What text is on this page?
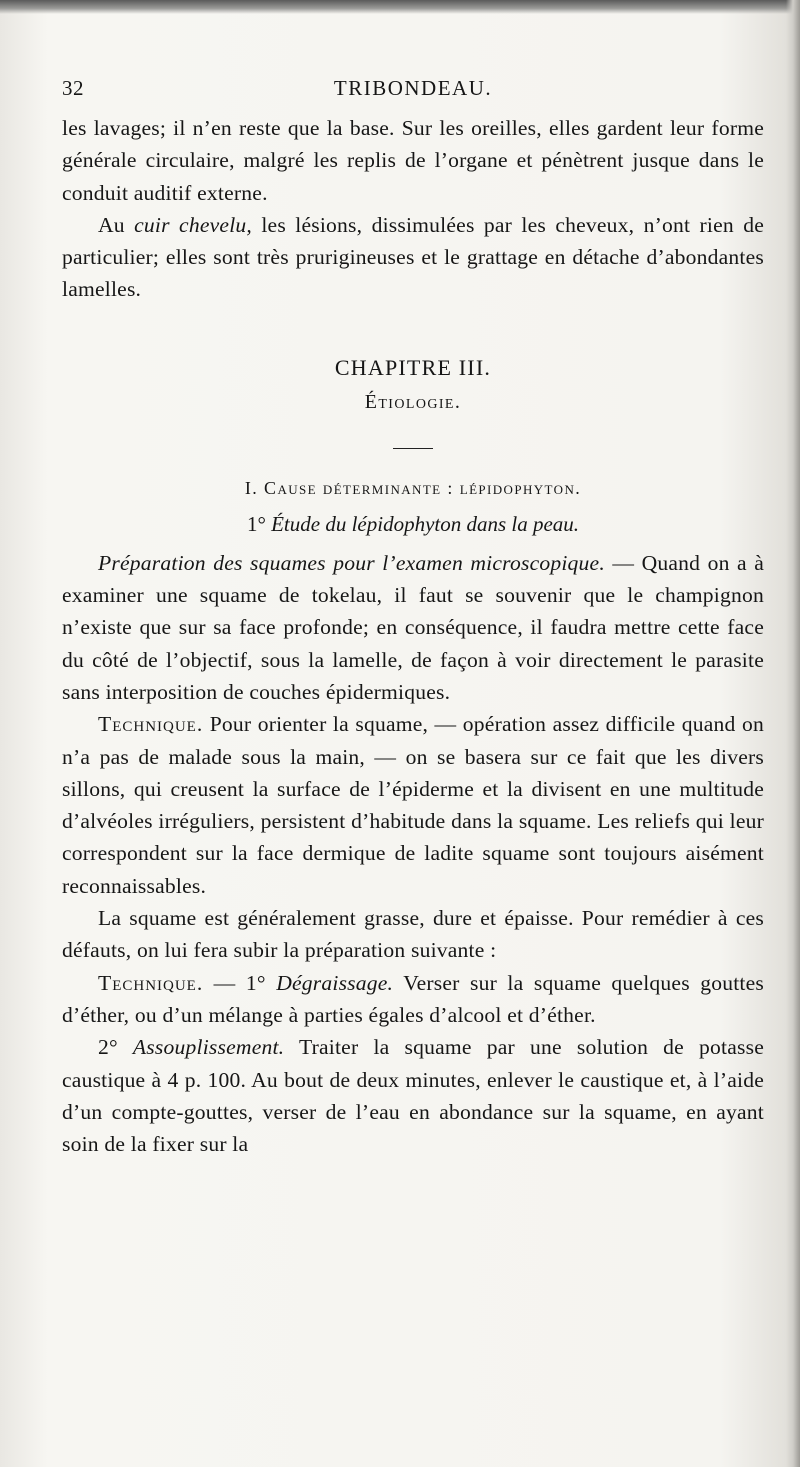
32	TRIBONDEAU.

les lavages; il n’en reste que la base. Sur les oreilles, elles gardent leur forme générale circulaire, malgré les replis de l’organe et pénètrent jusque dans le conduit auditif externe.

Au cuir chevelu, les lésions, dissimulées par les cheveux, n’ont rien de particulier; elles sont très prurigineuses et le grattage en détache d’abondantes lamelles.

CHAPITRE III.
Étiologie.
I. Cause déterminante : lépidophyton.
1° Étude du lépidophyton dans la peau.

Préparation des squames pour l’examen microscopique. — Quand on a à examiner une squame de tokelau, il faut se souvenir que le champignon n’existe que sur sa face profonde; en conséquence, il faudra mettre cette face du côté de l’objectif, sous la lamelle, de façon à voir directement le parasite sans interposition de couches épidermiques.

Technique. Pour orienter la squame, — opération assez difficile quand on n’a pas de malade sous la main, — on se basera sur ce fait que les divers sillons, qui creusent la surface de l’épiderme et la divisent en une multitude d’alvéoles irréguliers, persistent d’habitude dans la squame. Les reliefs qui leur correspondent sur la face dermique de ladite squame sont toujours aisément reconnaissables.

La squame est généralement grasse, dure et épaisse. Pour remédier à ces défauts, on lui fera subir la préparation suivante :

Technique. — 1° Dégraissage. Verser sur la squame quelques gouttes d’éther, ou d’un mélange à parties égales d’alcool et d’éther.

2° Assouplissement. Traiter la squame par une solution de potasse caustique à 4 p. 100. Au bout de deux minutes, enlever le caustique et, à l’aide d’un compte-gouttes, verser de l’eau en abondance sur la squame, en ayant soin de la fixer sur la
